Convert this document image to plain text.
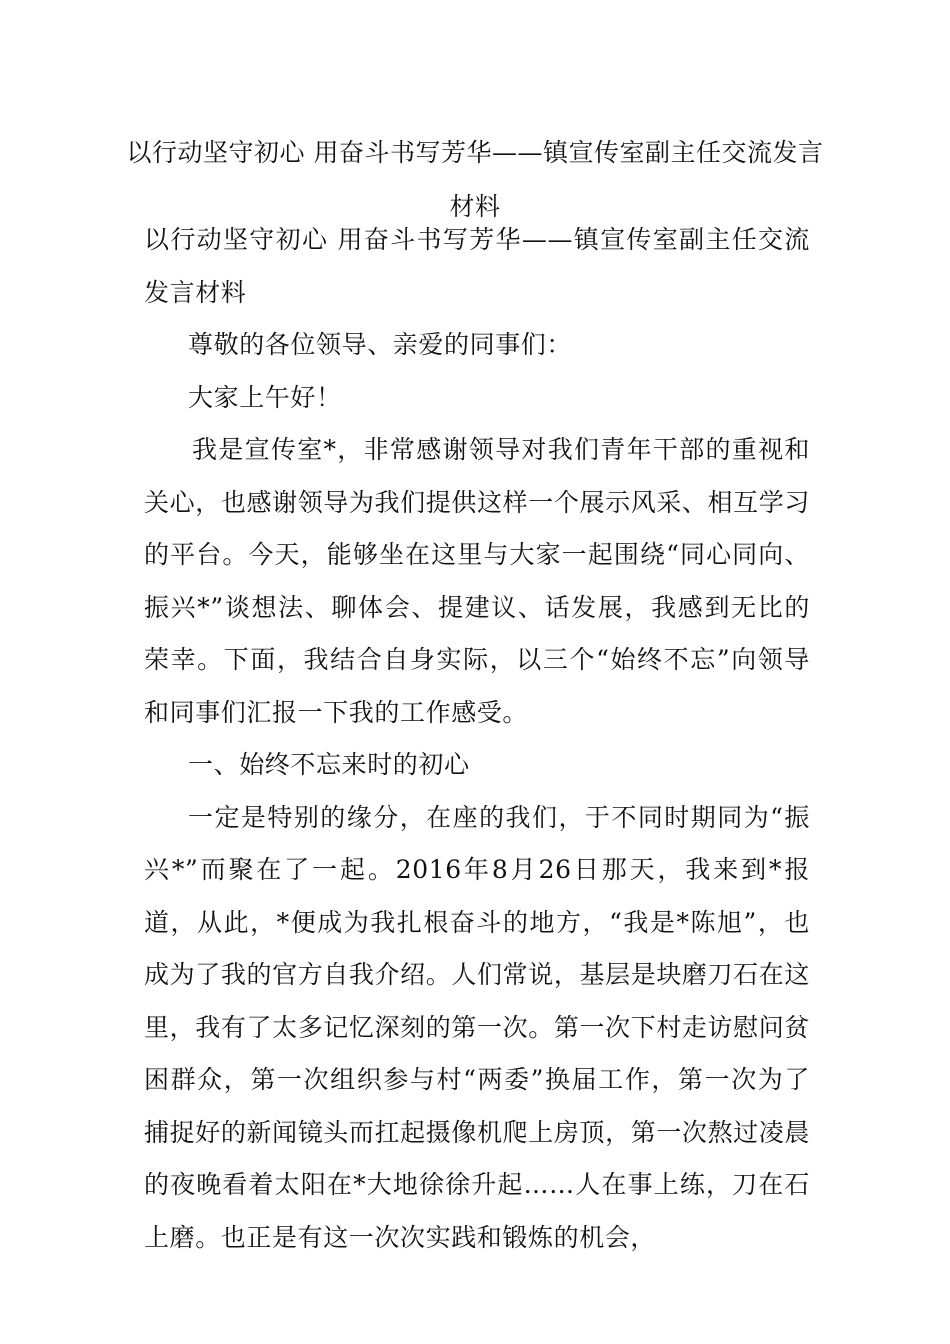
以行动坚守初心 用奋斗书写芳华——镇宣传室副主任交流发言材料

以行动坚守初心 用奋斗书写芳华——镇宣传室副主任交流发言材料

尊敬的各位领导、亲爱的同事们：

大家上午好！

我是宣传室*，非常感谢领导对我们青年干部的重视和关心，也感谢领导为我们提供这样一个展示风采、相互学习的平台。今天，能够坐在这里与大家一起围绕“同心同向、振兴*”谈想法、聊体会、提建议、话发展，我感到无比的荣幸。下面，我结合自身实际，以三个“始终不忘”向领导和同事们汇报一下我的工作感受。

一、始终不忘来时的初心

一定是特别的缘分，在座的我们，于不同时期同为“振兴*”而聚在了一起。2016年8月26日那天，我来到*报道，从此，*便成为我扎根奋斗的地方，“我是*陈旭”，也成为了我的官方自我介绍。人们常说，基层是块磨刀石在这里，我有了太多记忆深刻的第一次。第一次下村走访慰问贫困群众，第一次组织参与村“两委”换届工作，第一次为了捕捉好的新闻镜头而扛起摄像机爬上房顶，第一次熬过凌晨的夜晚看着太阳在*大地徐徐升起……人在事上练，刀在石上磨。也正是有这一次次实践和锻炼的机会，
